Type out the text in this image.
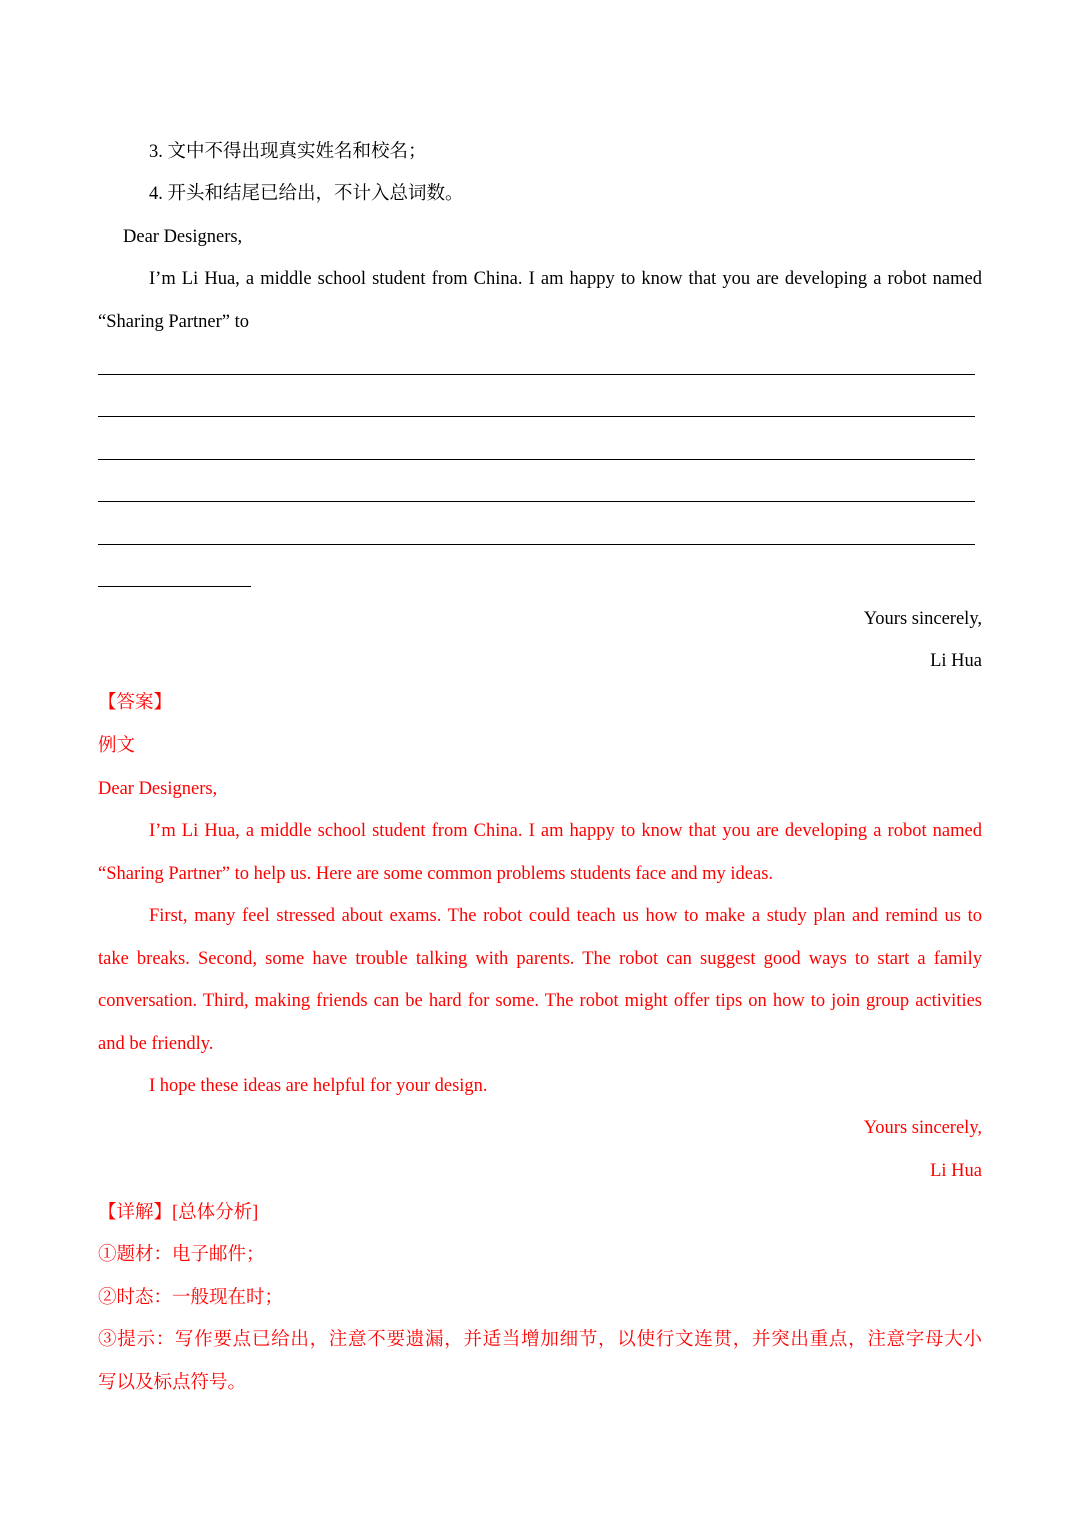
3. 文中不得出现真实姓名和校名；
4. 开头和结尾已给出，不计入总词数。
Dear Designers,
I’m Li Hua, a middle school student from China. I am happy to know that you are developing a robot named
“Sharing Partner” to
Yours sincerely,
Li Hua
【答案】
例文
Dear Designers,
I’m Li Hua, a middle school student from China. I am happy to know that you are developing a robot named
“Sharing Partner” to help us. Here are some common problems students face and my ideas.
First, many feel stressed about exams. The robot could teach us how to make a study plan and remind us to
take breaks. Second, some have trouble talking with parents. The robot can suggest good ways to start a family
conversation. Third, making friends can be hard for some. The robot might offer tips on how to join group activities
and be friendly.
I hope these ideas are helpful for your design.
Yours sincerely,
Li Hua
【详解】[总体分析]
①题材：电子邮件；
②时态：一般现在时；
③提示：写作要点已给出，注意不要遗漏，并适当增加细节，以使行文连贯，并突出重点，注意字母大小
写以及标点符号。
